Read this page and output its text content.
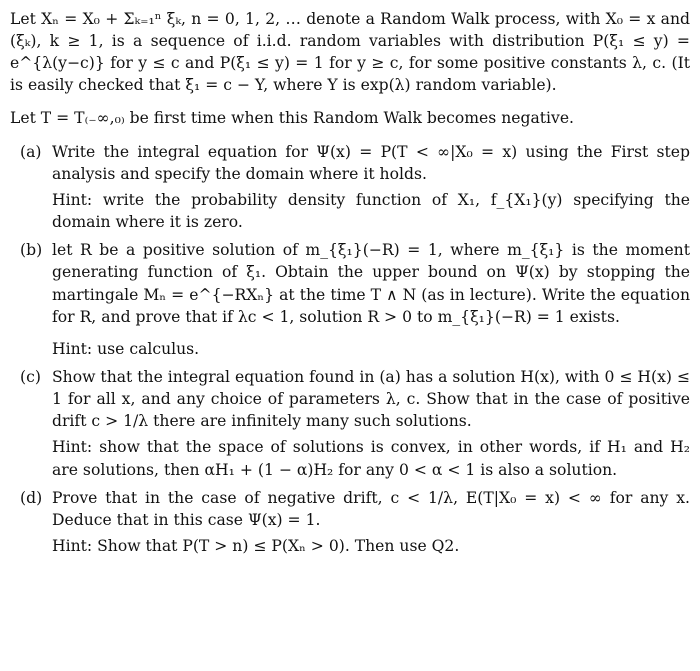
Let Xₙ = X₀ + Σₖ₌₁ⁿ ξₖ, n = 0, 1, 2, … denote a Random Walk process, with X₀ = x and (ξₖ), k ≥ 1, is a sequence of i.i.d. random variables with distribution P(ξ₁ ≤ y) = e^{λ(y−c)} for y ≤ c and P(ξ₁ ≤ y) = 1 for y ≥ c, for some positive constants λ, c. (It is easily checked that ξ₁ = c − Y, where Y is exp(λ) random variable).

Let T = T₍₋∞,₀₎ be first time when this Random Walk becomes negative.

(a) Write the integral equation for Ψ(x) = P(T < ∞|X₀ = x) using the First step analysis and specify the domain where it holds.

Hint: write the probability density function of X₁, f_{X₁}(y) specifying the domain where it is zero.

(b) let R be a positive solution of m_{ξ₁}(−R) = 1, where m_{ξ₁} is the moment generating function of ξ₁. Obtain the upper bound on Ψ(x) by stopping the martingale Mₙ = e^{−RXₙ} at the time T ∧ N (as in lecture). Write the equation for R, and prove that if λc < 1, solution R > 0 to m_{ξ₁}(−R) = 1 exists.

Hint: use calculus.

(c) Show that the integral equation found in (a) has a solution H(x), with 0 ≤ H(x) ≤ 1 for all x, and any choice of parameters λ, c. Show that in the case of positive drift c > 1/λ there are infinitely many such solutions.

Hint: show that the space of solutions is convex, in other words, if H₁ and H₂ are solutions, then αH₁ + (1 − α)H₂ for any 0 < α < 1 is also a solution.

(d) Prove that in the case of negative drift, c < 1/λ, E(T|X₀ = x) < ∞ for any x. Deduce that in this case Ψ(x) = 1.

Hint: Show that P(T > n) ≤ P(Xₙ > 0). Then use Q2.
